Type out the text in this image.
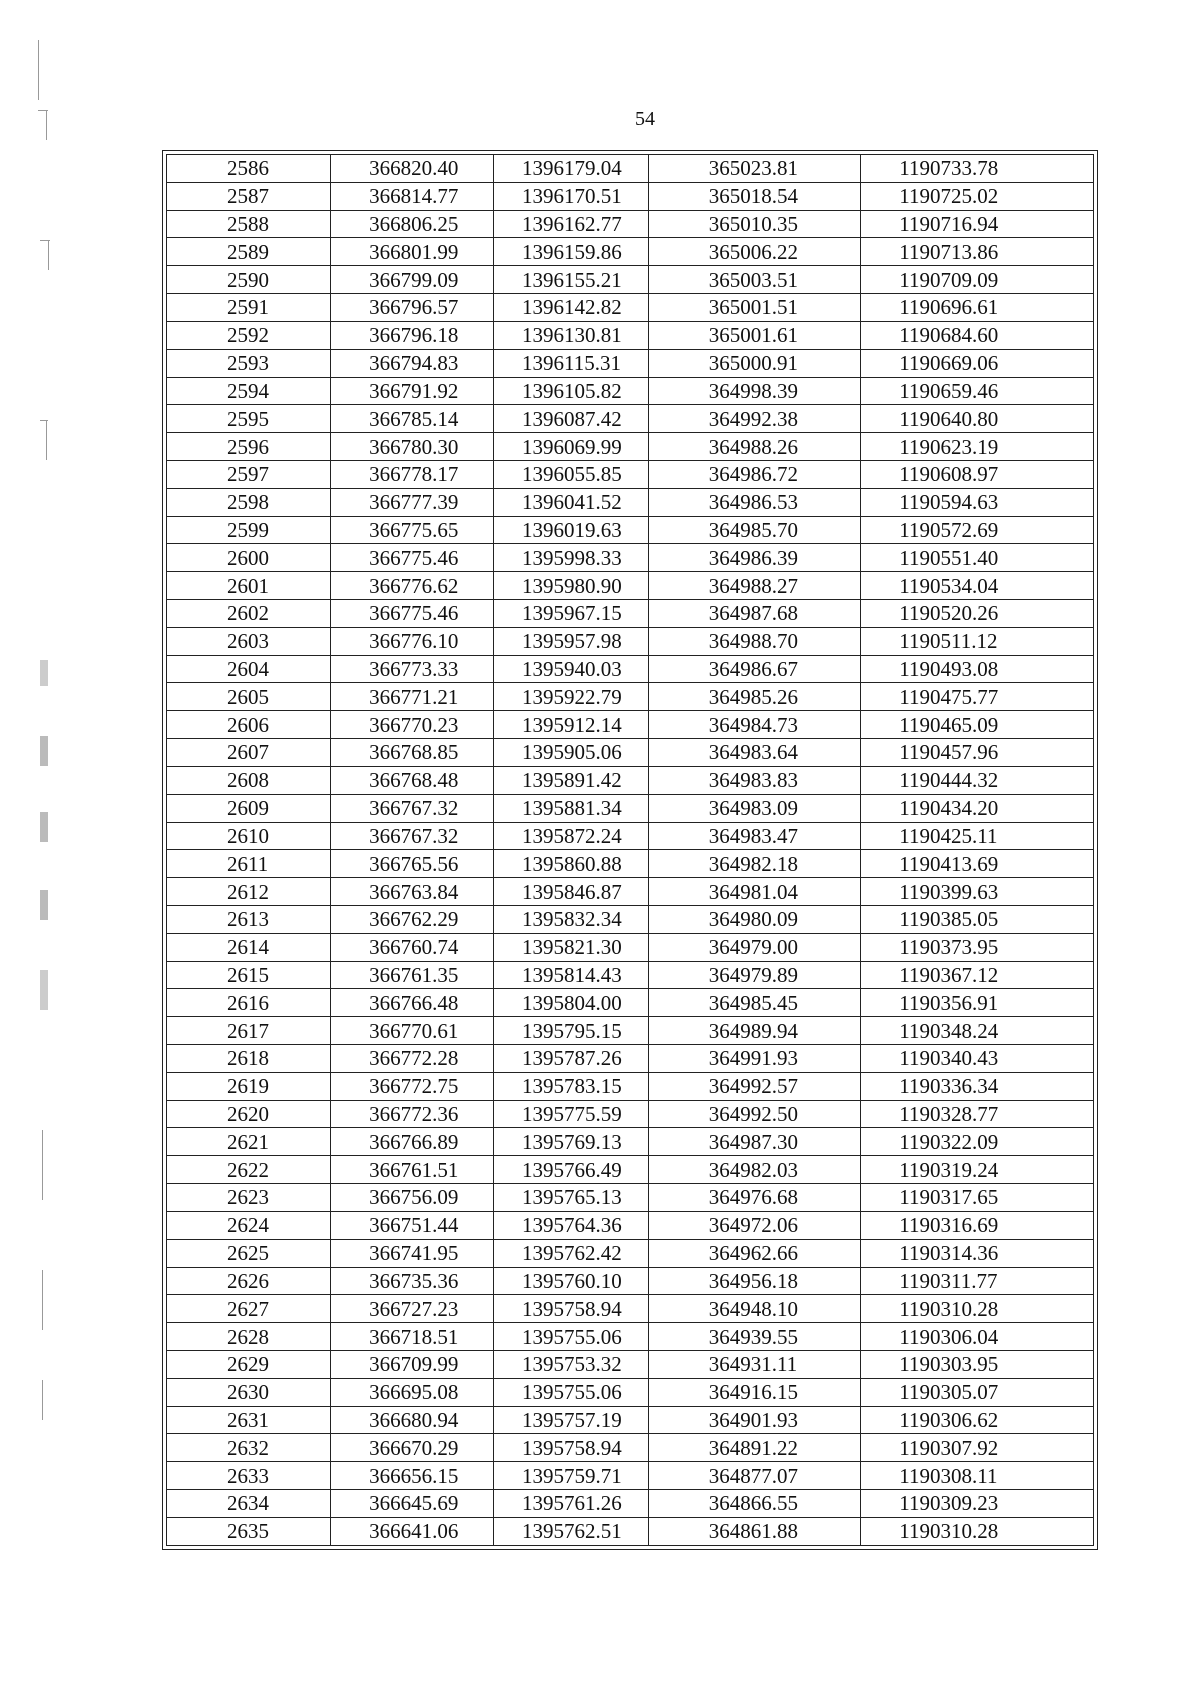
54
2586	366820.40	1396179.04	365023.81	1190733.78
2587	366814.77	1396170.51	365018.54	1190725.02
2588	366806.25	1396162.77	365010.35	1190716.94
2589	366801.99	1396159.86	365006.22	1190713.86
2590	366799.09	1396155.21	365003.51	1190709.09
2591	366796.57	1396142.82	365001.51	1190696.61
2592	366796.18	1396130.81	365001.61	1190684.60
2593	366794.83	1396115.31	365000.91	1190669.06
2594	366791.92	1396105.82	364998.39	1190659.46
2595	366785.14	1396087.42	364992.38	1190640.80
2596	366780.30	1396069.99	364988.26	1190623.19
2597	366778.17	1396055.85	364986.72	1190608.97
2598	366777.39	1396041.52	364986.53	1190594.63
2599	366775.65	1396019.63	364985.70	1190572.69
2600	366775.46	1395998.33	364986.39	1190551.40
2601	366776.62	1395980.90	364988.27	1190534.04
2602	366775.46	1395967.15	364987.68	1190520.26
2603	366776.10	1395957.98	364988.70	1190511.12
2604	366773.33	1395940.03	364986.67	1190493.08
2605	366771.21	1395922.79	364985.26	1190475.77
2606	366770.23	1395912.14	364984.73	1190465.09
2607	366768.85	1395905.06	364983.64	1190457.96
2608	366768.48	1395891.42	364983.83	1190444.32
2609	366767.32	1395881.34	364983.09	1190434.20
2610	366767.32	1395872.24	364983.47	1190425.11
2611	366765.56	1395860.88	364982.18	1190413.69
2612	366763.84	1395846.87	364981.04	1190399.63
2613	366762.29	1395832.34	364980.09	1190385.05
2614	366760.74	1395821.30	364979.00	1190373.95
2615	366761.35	1395814.43	364979.89	1190367.12
2616	366766.48	1395804.00	364985.45	1190356.91
2617	366770.61	1395795.15	364989.94	1190348.24
2618	366772.28	1395787.26	364991.93	1190340.43
2619	366772.75	1395783.15	364992.57	1190336.34
2620	366772.36	1395775.59	364992.50	1190328.77
2621	366766.89	1395769.13	364987.30	1190322.09
2622	366761.51	1395766.49	364982.03	1190319.24
2623	366756.09	1395765.13	364976.68	1190317.65
2624	366751.44	1395764.36	364972.06	1190316.69
2625	366741.95	1395762.42	364962.66	1190314.36
2626	366735.36	1395760.10	364956.18	1190311.77
2627	366727.23	1395758.94	364948.10	1190310.28
2628	366718.51	1395755.06	364939.55	1190306.04
2629	366709.99	1395753.32	364931.11	1190303.95
2630	366695.08	1395755.06	364916.15	1190305.07
2631	366680.94	1395757.19	364901.93	1190306.62
2632	366670.29	1395758.94	364891.22	1190307.92
2633	366656.15	1395759.71	364877.07	1190308.11
2634	366645.69	1395761.26	364866.55	1190309.23
2635	366641.06	1395762.51	364861.88	1190310.28
